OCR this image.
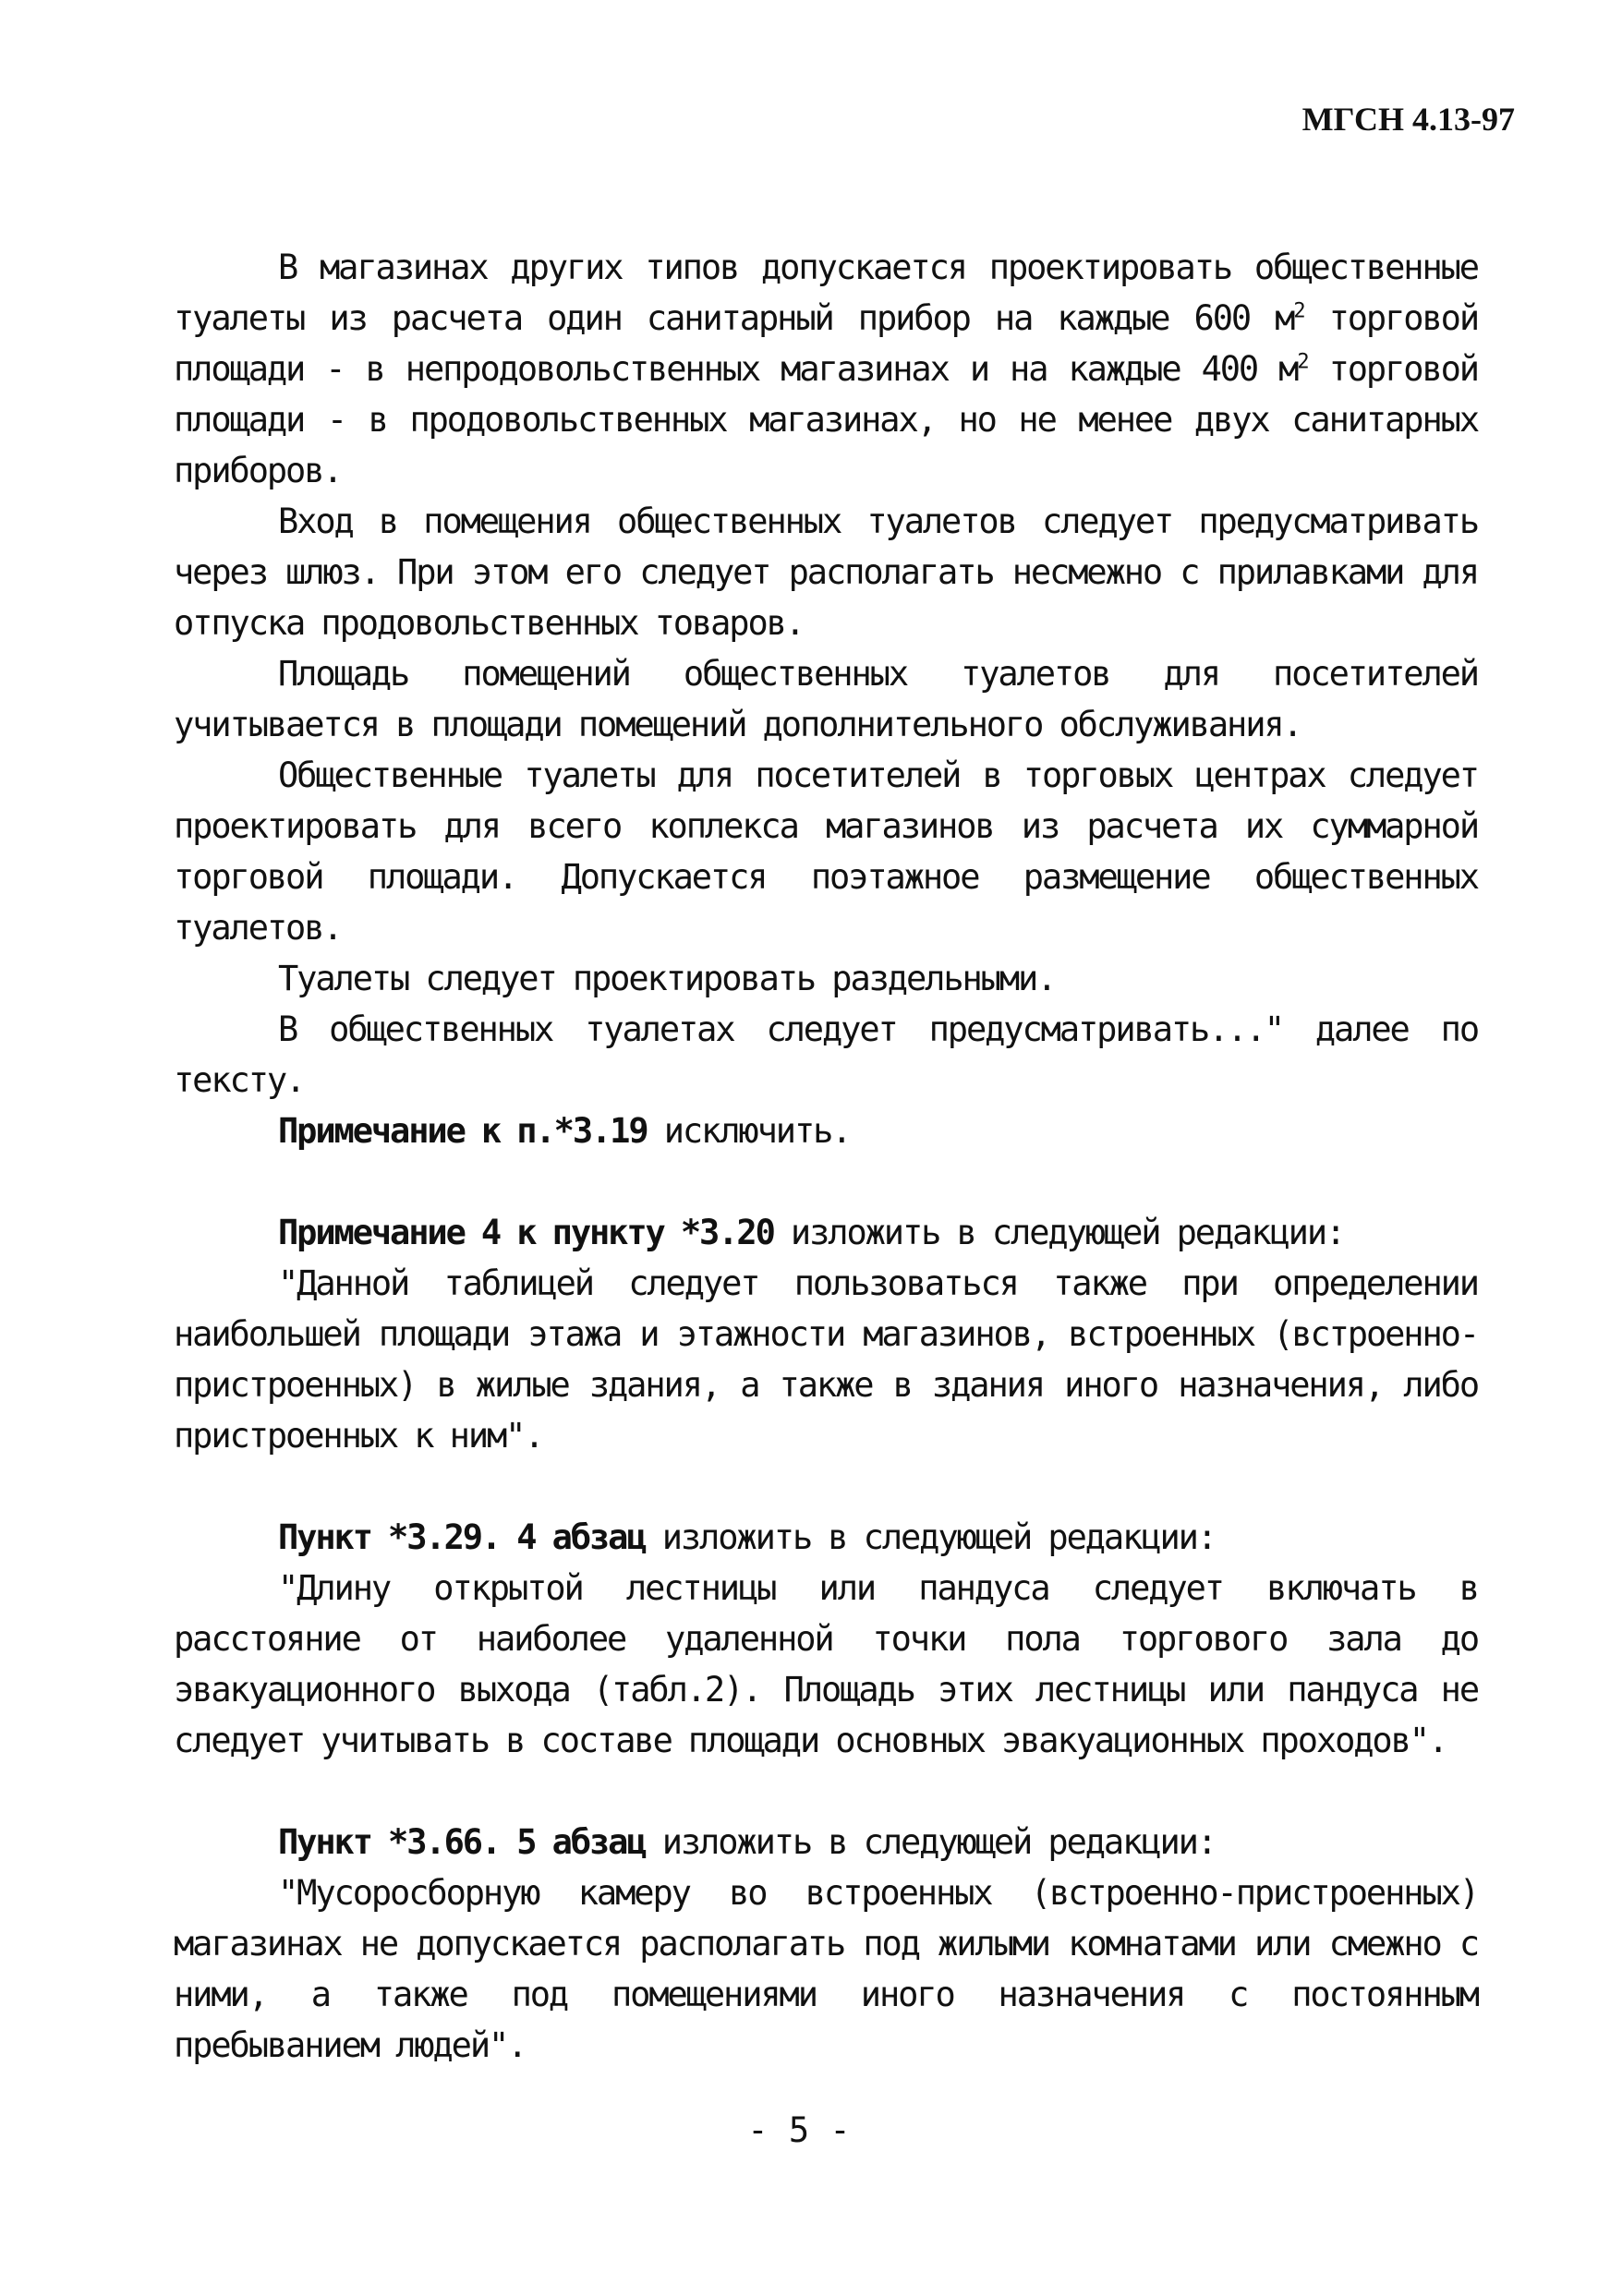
МГСН 4.13-97

В магазинах других типов допускается проектировать общественные туалеты из расчета один санитарный прибор на каждые 600 $м^2$ торговой площади - в непродовольственных магазинах и на каждые 400 $м^2$ торговой площади - в продовольственных магазинах, но не менее двух санитарных приборов.

Вход в помещения общественных туалетов следует предусматривать через шлюз. При этом его следует располагать несмежно с прилавками для отпуска продовольственных товаров.

Площадь помещений общественных туалетов для посетителей учитывается в площади помещений дополнительного обслуживания.

Общественные туалеты для посетителей в торговых центрах следует проектировать для всего коплекса магазинов из расчета их суммарной торговой площади. Допускается поэтажное размещение общественных туалетов.

Туалеты следует проектировать раздельными.

В общественных туалетах следует предусматривать..." далее по тексту.

Примечание к п.*3.19 исключить.

Примечание 4 к пункту *3.20 изложить в следующей редакции:

"Данной таблицей следует пользоваться также при определении наибольшей площади этажа и этажности магазинов, встроенных (встроенно-пристроенных) в жилые здания, а также в здания иного назначения, либо пристроенных к ним".

Пункт *3.29. 4 абзац изложить в следующей редакции:

"Длину открытой лестницы или пандуса следует включать в расстояние от наиболее удаленной точки пола торгового зала до эвакуационного выхода (табл.2). Площадь этих лестницы или пандуса не следует учитывать в составе площади основных эвакуационных проходов".

Пункт *3.66. 5 абзац изложить в следующей редакции:

"Мусоросборную камеру во встроенных (встроенно-пристроенных) магазинах не допускается располагать под жилыми комнатами или смежно с ними, а также под помещениями иного назначения с постоянным пребыванием людей".

- 5 -
